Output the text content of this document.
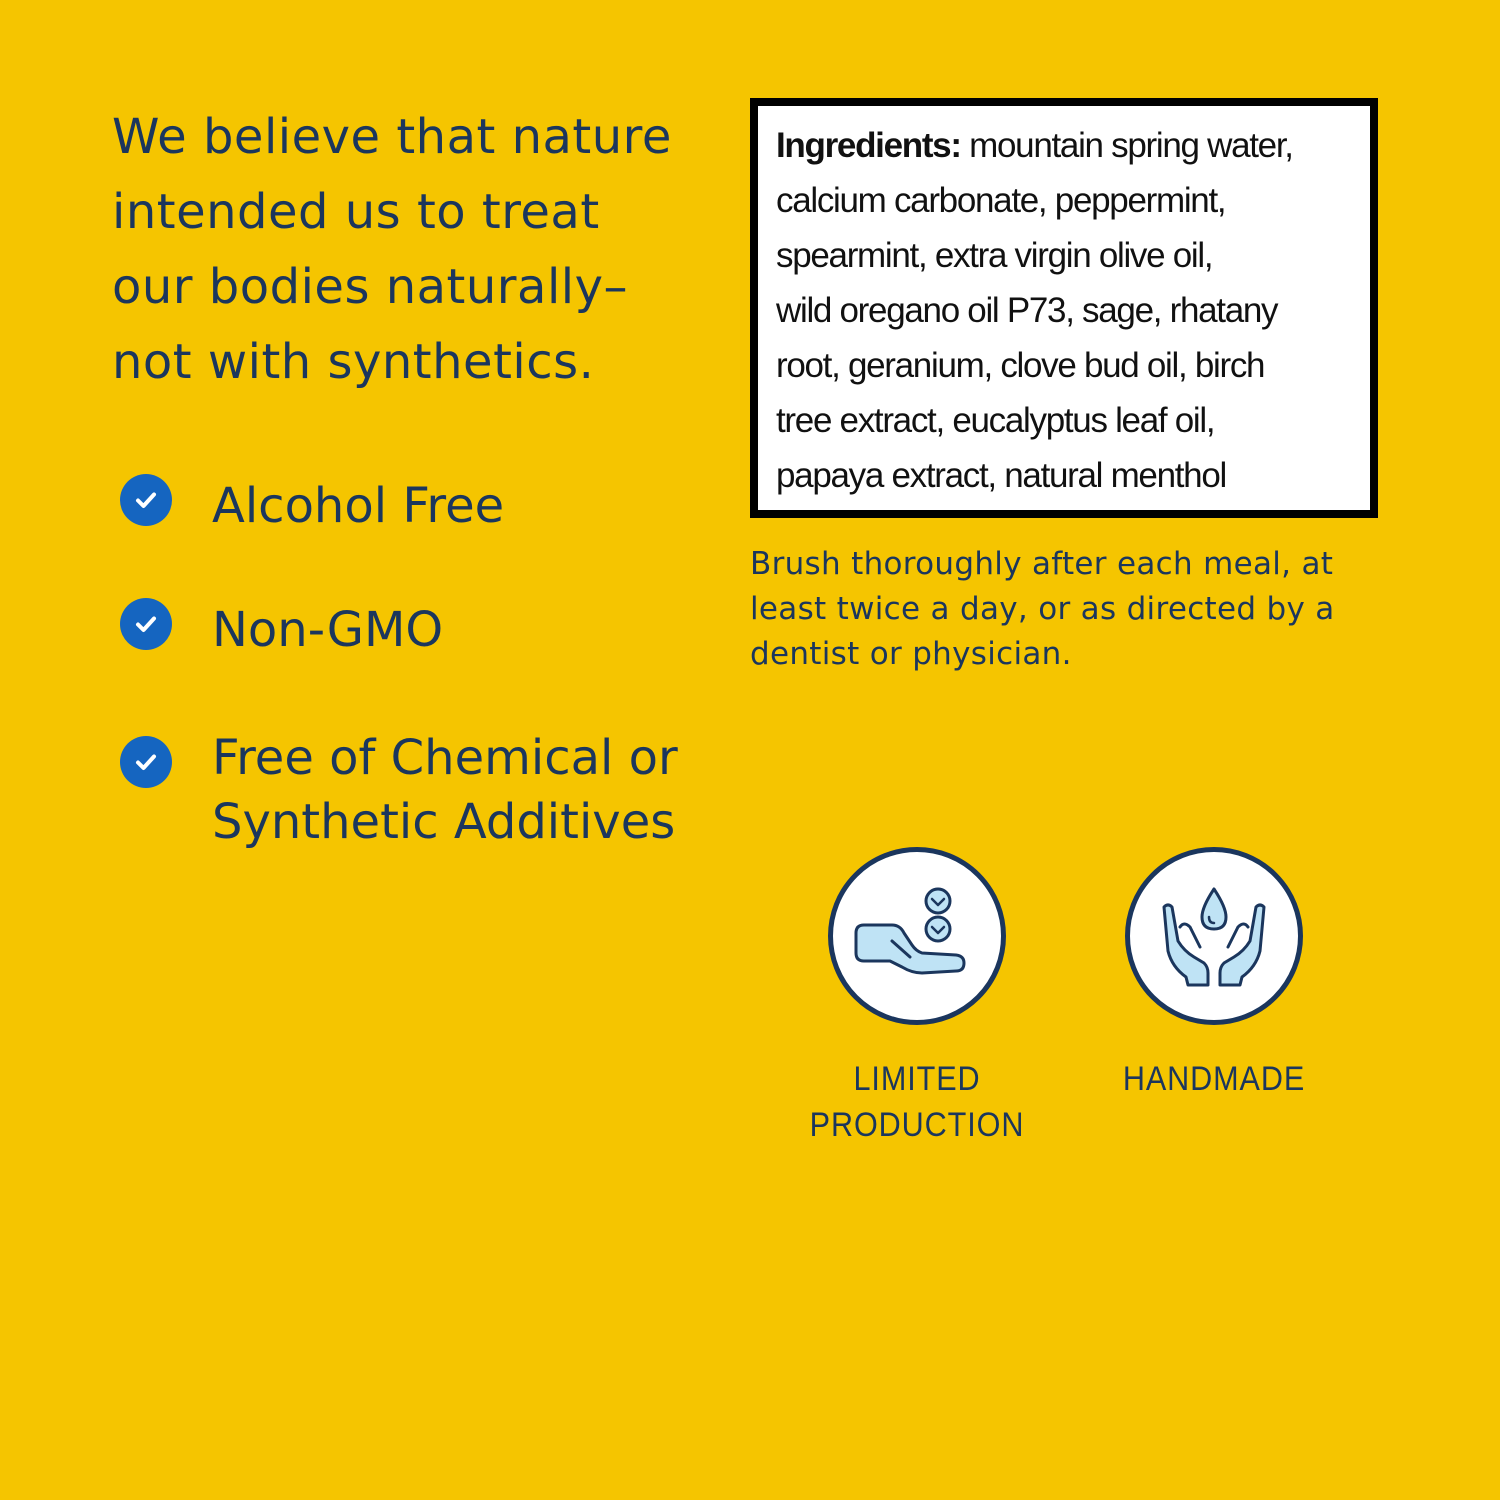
We believe that nature
intended us to treat
our bodies naturally–
not with synthetics.
Alcohol Free
Non-GMO
Free of Chemical or
Synthetic Additives
Ingredients: mountain spring water,
calcium carbonate, peppermint,
spearmint, extra virgin olive oil,
wild oregano oil P73, sage, rhatany
root, geranium, clove bud oil, birch
tree extract, eucalyptus leaf oil,
papaya extract, natural menthol

Brush thoroughly after each meal, at
least twice a day, or as directed by a
dentist or physician.

LIMITED
PRODUCTION
HANDMADE
